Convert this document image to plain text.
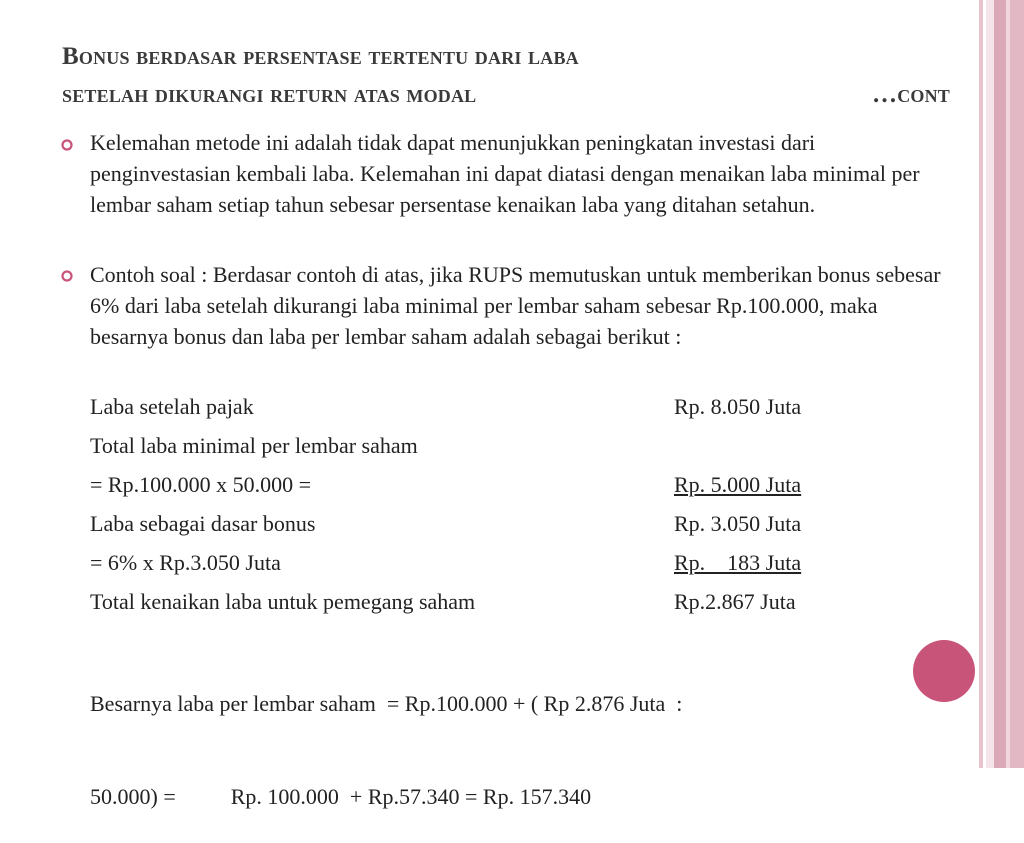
Bonus berdasar persentase tertentu dari laba
setelah dikurangi return atas modal	…cont
Kelemahan metode ini adalah tidak dapat menunjukkan peningkatan investasi dari penginvestasian kembali laba. Kelemahan ini dapat diatasi dengan menaikan laba minimal per lembar saham setiap tahun sebesar persentase kenaikan laba yang ditahan setahun.
Contoh soal : Berdasar contoh di atas, jika RUPS memutuskan untuk memberikan bonus sebesar 6% dari laba setelah dikurangi laba minimal per lembar saham sebesar Rp.100.000, maka besarnya bonus dan laba per lembar saham adalah sebagai berikut :
Laba setelah pajak	Rp. 8.050 Juta
Total laba minimal per lembar saham
= Rp.100.000 x 50.000 =	Rp. 5.000 Juta
Laba sebagai dasar bonus	Rp. 3.050 Juta
= 6% x Rp.3.050 Juta	Rp.    183 Juta
Total kenaikan laba untuk pemegang saham	Rp.2.867 Juta

Besarnya laba per lembar saham  = Rp.100.000 + ( Rp 2.876 Juta  :

50.000) =          Rp. 100.000  + Rp.57.340 = Rp. 157.340
